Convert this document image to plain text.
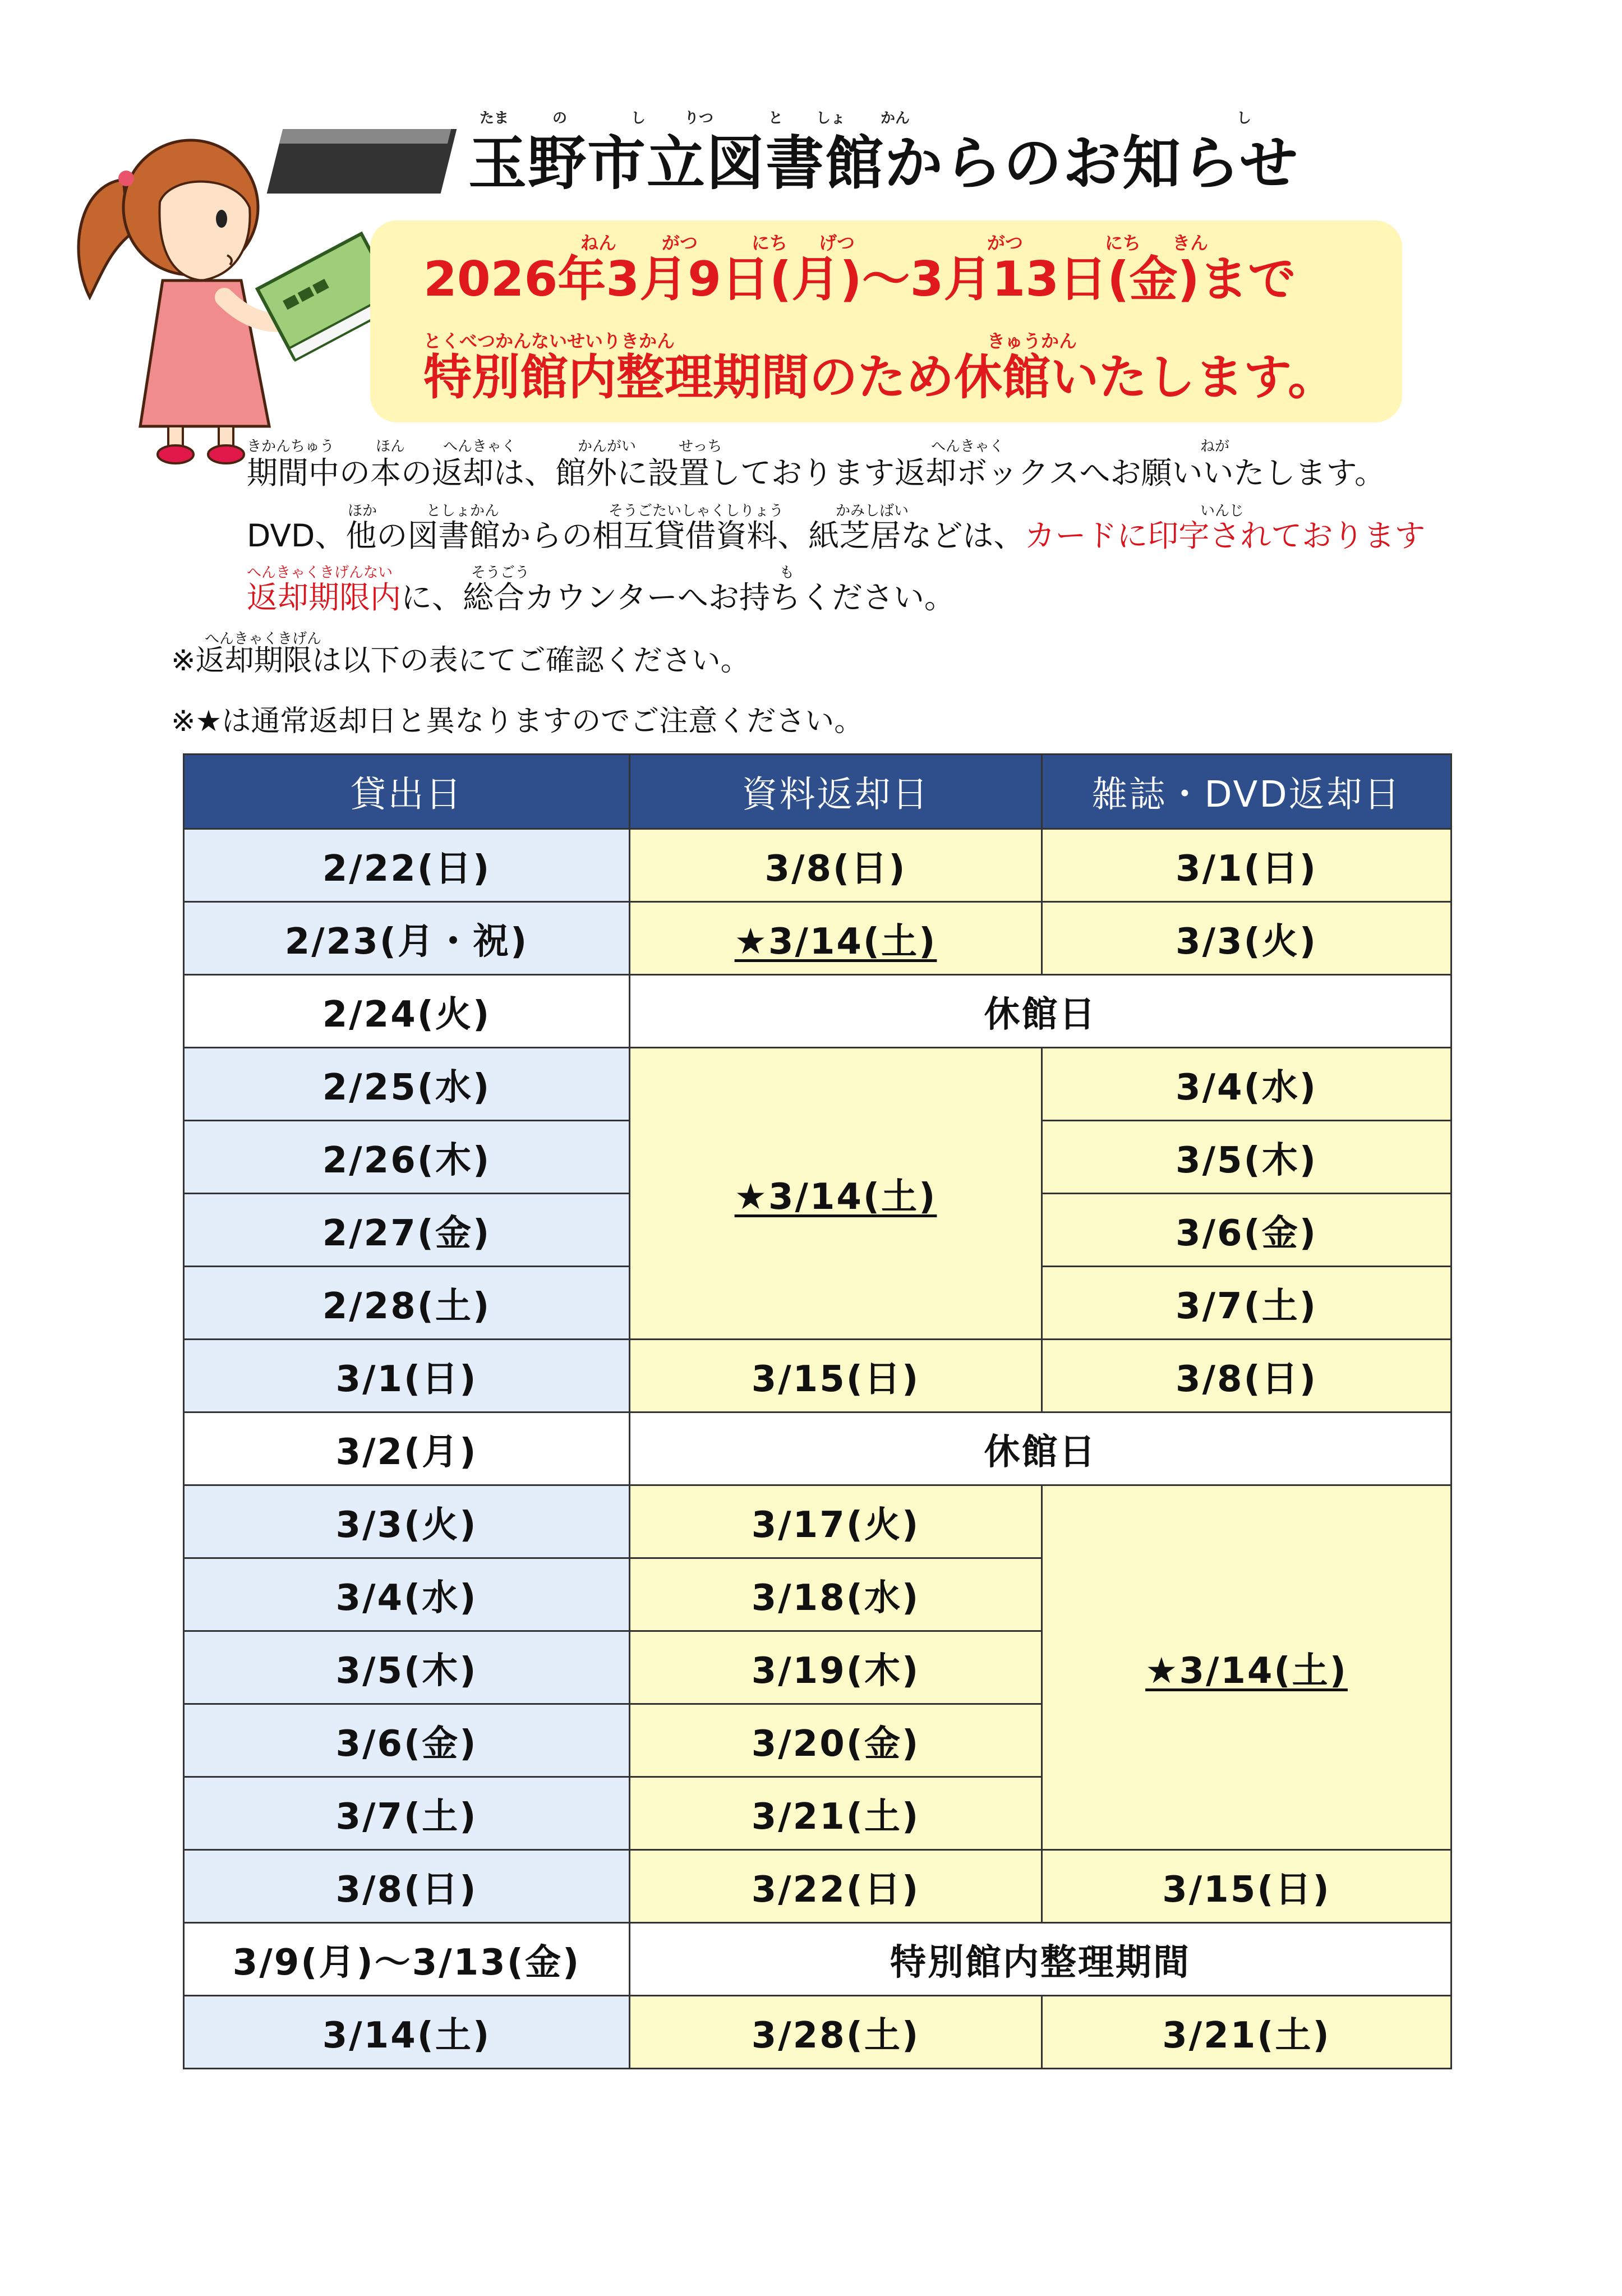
たま	の	し	りつ	と しょ かん	し
玉野市立図書館からのお知らせ
ねん	がつ	にち げつ	がつ	にち きん
2026年3月9日(月)～3月13日(金)まで
とくべつかんないせいりきかん	きゅうかん
特別館内整理期間のため休館いたします。
きかんちゅう	ほん	へんきゃく	かんがい	せっち	へんきゃく	ねが
期間中の本の返却は、館外に設置しております返却ボックスへお願いいたします。
ほか	としょかん	そうごたいしゃくしりょう	かみしばい	いんじ
DVD、他の図書館からの相互貸借資料、紙芝居などは、カードに印字されております
へんきゃくきげんない	そうごう	も
返却期限内に、総合カウンターへお持ちください。
へんきゃくきげん
※返却期限は以下の表にてご確認ください。
※★は通常返却日と異なりますのでご注意ください。
貸出日	資料返却日	雑誌・DVD返却日
2/22(日)	3/8(日)	3/1(日)
2/23(月・祝)	★3/14(土)	3/3(火)
2/24(火)	休館日	
2/25(水)	★3/14(土)	3/4(水)
2/26(木)		3/5(木)
2/27(金)		3/6(金)
2/28(土)		3/7(土)
3/1(日)	3/15(日)	3/8(日)
3/2(月)	休館日	
3/3(火)	3/17(火)	★3/14(土)
3/4(水)	3/18(水)	
3/5(木)	3/19(木)	
3/6(金)	3/20(金)	
3/7(土)	3/21(土)	
3/8(日)	3/22(日)	3/15(日)
3/9(月)～3/13(金)	特別館内整理期間	
3/14(土)	3/28(土)	3/21(土)
